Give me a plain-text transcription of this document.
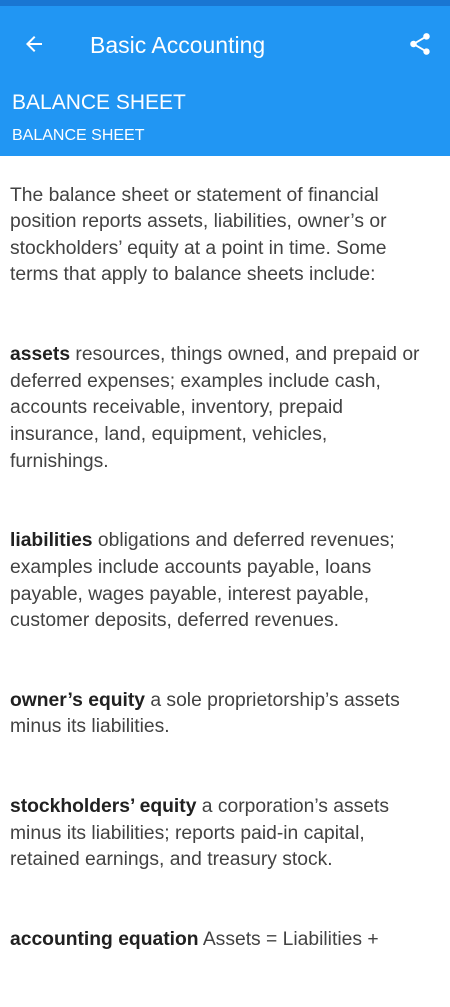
Basic Accounting
BALANCE SHEET
BALANCE SHEET

The balance sheet or statement of financial
position reports assets, liabilities, owner’s or
stockholders’ equity at a point in time. Some
terms that apply to balance sheets include:

assets resources, things owned, and prepaid or
deferred expenses; examples include cash,
accounts receivable, inventory, prepaid
insurance, land, equipment, vehicles,
furnishings.

liabilities obligations and deferred revenues;
examples include accounts payable, loans
payable, wages payable, interest payable,
customer deposits, deferred revenues.

owner’s equity a sole proprietorship’s assets
minus its liabilities.

stockholders’ equity a corporation’s assets
minus its liabilities; reports paid-in capital,
retained earnings, and treasury stock.

accounting equation Assets = Liabilities +
